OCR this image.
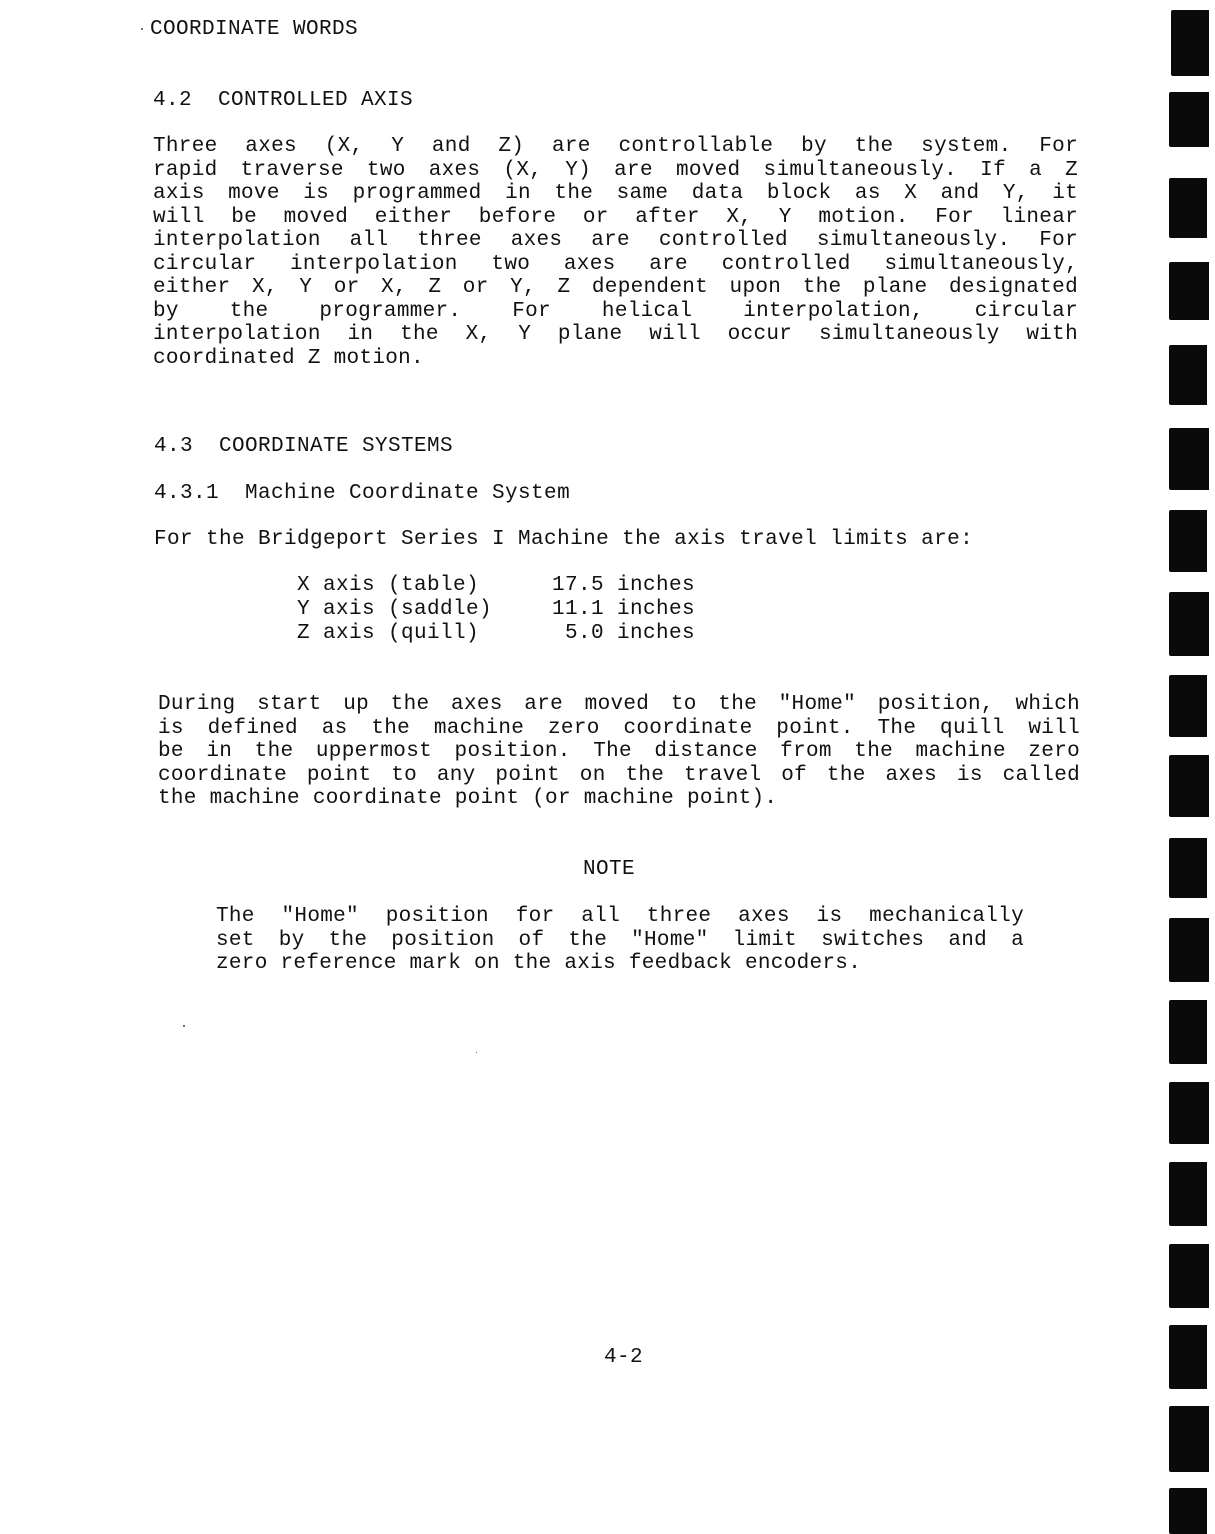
COORDINATE WORDS
4.2  CONTROLLED AXIS
Three axes (X, Y and Z) are controllable by the system. For
rapid traverse two axes (X, Y) are moved simultaneously. If a Z
axis move is programmed in the same data block as X and Y, it
will be moved either before or after X, Y motion. For linear
interpolation all three axes are controlled simultaneously. For
circular interpolation two axes are controlled simultaneously,
either X, Y or X, Z or Y, Z dependent upon the plane designated
by the programmer. For helical interpolation, circular
interpolation in the X, Y plane will occur simultaneously with
coordinated Z motion.
4.3  COORDINATE SYSTEMS
4.3.1  Machine Coordinate System
For the Bridgeport Series I Machine the axis travel limits are:
X axis (table)	17.5 inches
Y axis (saddle)	11.1 inches
Z axis (quill)	5.0 inches
During start up the axes are moved to the "Home" position, which
is defined as the machine zero coordinate point. The quill will
be in the uppermost position. The distance from the machine zero
coordinate point to any point on the travel of the axes is called
the machine coordinate point (or machine point).
NOTE
The "Home" position for all three axes is mechanically
set by the position of the "Home" limit switches and a
zero reference mark on the axis feedback encoders.
4-2
